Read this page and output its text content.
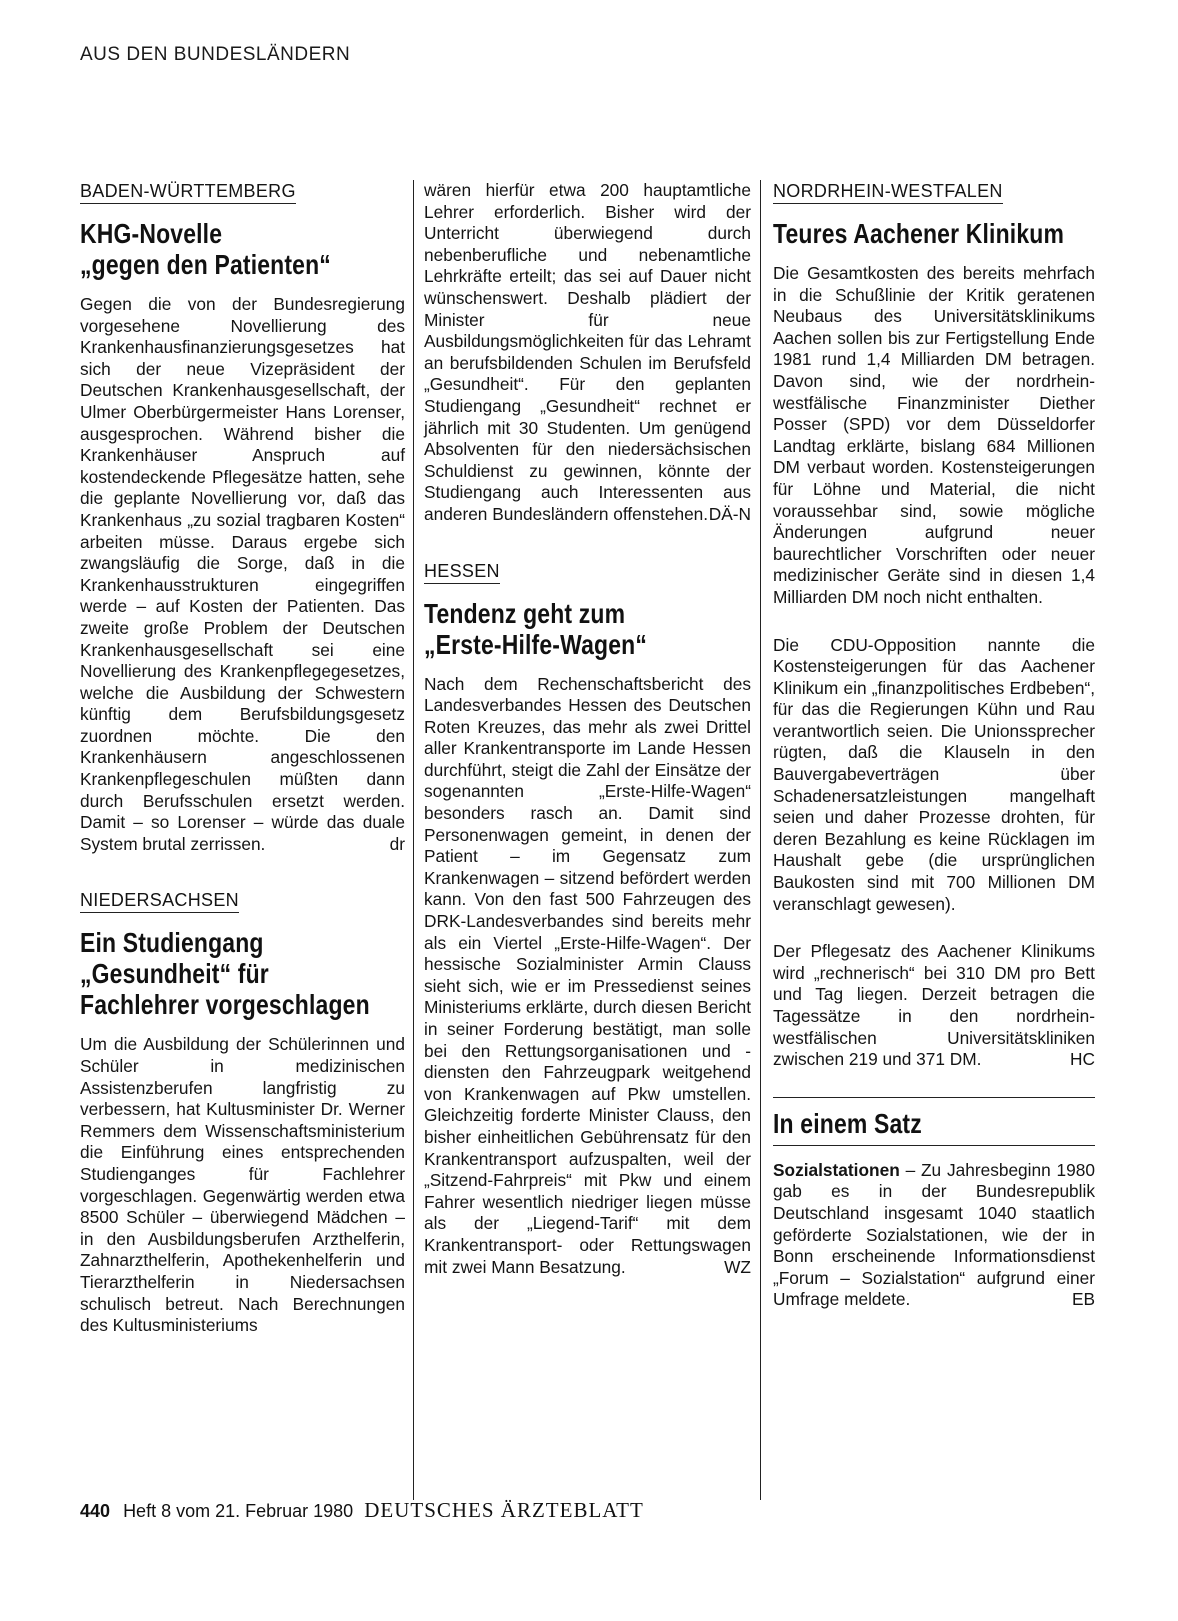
AUS DEN BUNDESLÄNDERN
BADEN-WÜRTTEMBERG
KHG-Novelle
„gegen den Patienten“

Gegen die von der Bundesregierung vorgesehene Novellierung des Krankenhausfinanzierungsgesetzes hat sich der neue Vizepräsident der Deutschen Krankenhausgesellschaft, der Ulmer Oberbürgermeister Hans Lorenser, ausgesprochen. Während bisher die Krankenhäuser Anspruch auf kostendeckende Pflegesätze hatten, sehe die geplante Novellierung vor, daß das Krankenhaus „zu sozial tragbaren Kosten“ arbeiten müsse. Daraus ergebe sich zwangsläufig die Sorge, daß in die Krankenhausstrukturen eingegriffen werde – auf Kosten der Patienten. Das zweite große Problem der Deutschen Krankenhausgesellschaft sei eine Novellierung des Krankenpflegegesetzes, welche die Ausbildung der Schwestern künftig dem Berufsbildungsgesetz zuordnen möchte. Die den Krankenhäusern angeschlossenen Krankenpflegeschulen müßten dann durch Berufsschulen ersetzt werden. Damit – so Lorenser – würde das duale System brutal zerrissen.	dr

NIEDERSACHSEN
Ein Studiengang
„Gesundheit“ für
Fachlehrer vorgeschlagen

Um die Ausbildung der Schülerinnen und Schüler in medizinischen Assistenzberufen langfristig zu verbessern, hat Kultusminister Dr. Werner Remmers dem Wissenschaftsministerium die Einführung eines entsprechenden Studienganges für Fachlehrer vorgeschlagen. Gegenwärtig werden etwa 8500 Schüler – überwiegend Mädchen – in den Ausbildungsberufen Arzthelferin, Zahnarzthelferin, Apothekenhelferin und Tierarzthelferin in Niedersachsen schulisch betreut. Nach Berechnungen des Kultusministeriums

wären hierfür etwa 200 hauptamtliche Lehrer erforderlich. Bisher wird der Unterricht überwiegend durch nebenberufliche und nebenamtliche Lehrkräfte erteilt; das sei auf Dauer nicht wünschenswert. Deshalb plädiert der Minister für neue Ausbildungsmöglichkeiten für das Lehramt an berufsbildenden Schulen im Berufsfeld „Gesundheit“. Für den geplanten Studiengang „Gesundheit“ rechnet er jährlich mit 30 Studenten. Um genügend Absolventen für den niedersächsischen Schuldienst zu gewinnen, könnte der Studiengang auch Interessenten aus anderen Bundesländern offenstehen. DÄ-N

HESSEN
Tendenz geht zum
„Erste-Hilfe-Wagen“

Nach dem Rechenschaftsbericht des Landesverbandes Hessen des Deutschen Roten Kreuzes, das mehr als zwei Drittel aller Krankentransporte im Lande Hessen durchführt, steigt die Zahl der Einsätze der sogenannten „Erste-Hilfe-Wagen“ besonders rasch an. Damit sind Personenwagen gemeint, in denen der Patient – im Gegensatz zum Krankenwagen – sitzend befördert werden kann. Von den fast 500 Fahrzeugen des DRK-Landesverbandes sind bereits mehr als ein Viertel „Erste-Hilfe-Wagen“. Der hessische Sozialminister Armin Clauss sieht sich, wie er im Pressedienst seines Ministeriums erklärte, durch diesen Bericht in seiner Forderung bestätigt, man solle bei den Rettungsorganisationen und -diensten den Fahrzeugpark weitgehend von Krankenwagen auf Pkw umstellen. Gleichzeitig forderte Minister Clauss, den bisher einheitlichen Gebührensatz für den Krankentransport aufzuspalten, weil der „Sitzend-Fahrpreis“ mit Pkw und einem Fahrer wesentlich niedriger liegen müsse als der „Liegend-Tarif“ mit dem Krankentransport- oder Rettungswagen mit zwei Mann Besatzung.	WZ

NORDRHEIN-WESTFALEN
Teures Aachener Klinikum

Die Gesamtkosten des bereits mehrfach in die Schußlinie der Kritik geratenen Neubaus des Universitätsklinikums Aachen sollen bis zur Fertigstellung Ende 1981 rund 1,4 Milliarden DM betragen. Davon sind, wie der nordrhein-westfälische Finanzminister Diether Posser (SPD) vor dem Düsseldorfer Landtag erklärte, bislang 684 Millionen DM verbaut worden. Kostensteigerungen für Löhne und Material, die nicht voraussehbar sind, sowie mögliche Änderungen aufgrund neuer baurechtlicher Vorschriften oder neuer medizinischer Geräte sind in diesen 1,4 Milliarden DM noch nicht enthalten.

Die CDU-Opposition nannte die Kostensteigerungen für das Aachener Klinikum ein „finanzpolitisches Erdbeben“, für das die Regierungen Kühn und Rau verantwortlich seien. Die Unionssprecher rügten, daß die Klauseln in den Bauvergabeverträgen über Schadenersatzleistungen mangelhaft seien und daher Prozesse drohten, für deren Bezahlung es keine Rücklagen im Haushalt gebe (die ursprünglichen Baukosten sind mit 700 Millionen DM veranschlagt gewesen).

Der Pflegesatz des Aachener Klinikums wird „rechnerisch“ bei 310 DM pro Bett und Tag liegen. Derzeit betragen die Tagessätze in den nordrhein-westfälischen Universitätskliniken zwischen 219 und 371 DM.	HC

In einem Satz

Sozialstationen – Zu Jahresbeginn 1980 gab es in der Bundesrepublik Deutschland insgesamt 1040 staatlich geförderte Sozialstationen, wie der in Bonn erscheinende Informationsdienst „Forum – Sozialstation“ aufgrund einer Umfrage meldete.	EB

440 Heft 8 vom 21. Februar 1980 DEUTSCHES ÄRZTEBLATT
